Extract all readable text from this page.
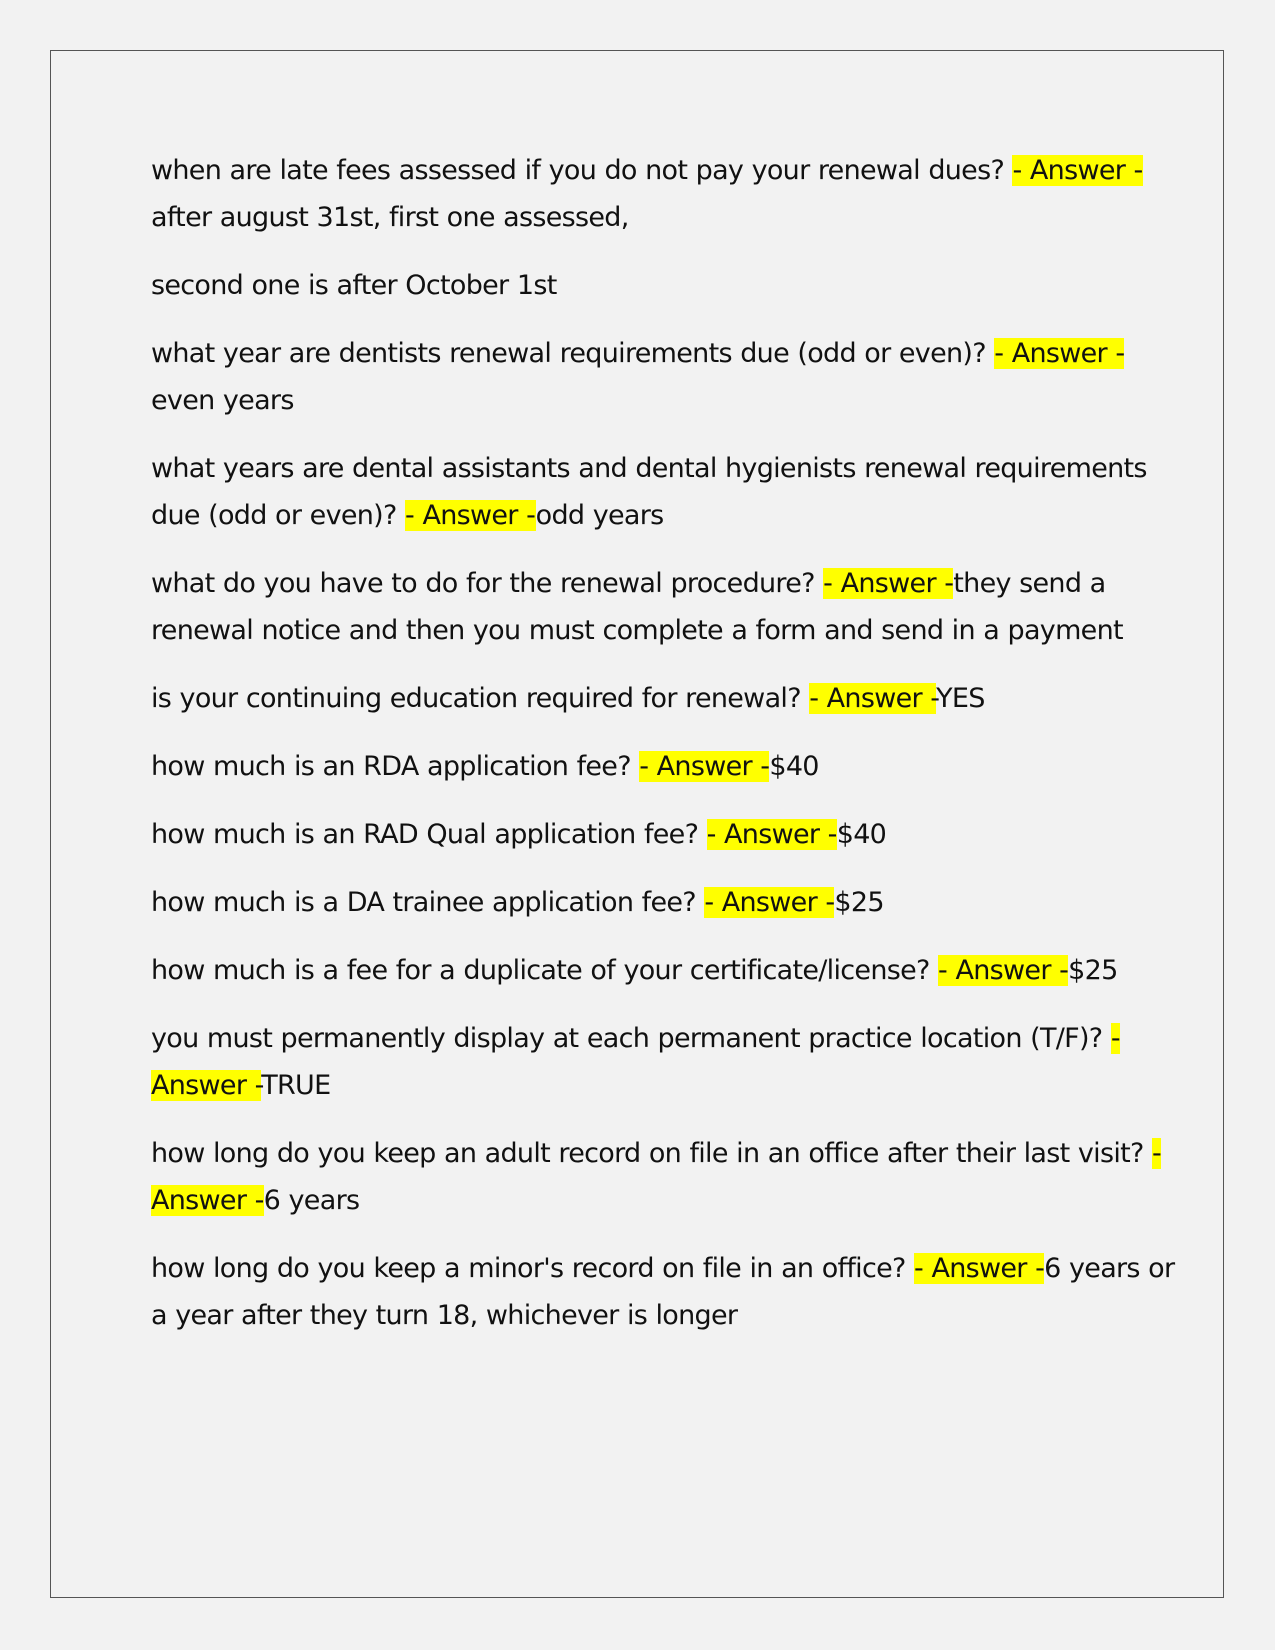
when are late fees assessed if you do not pay your renewal dues? - Answer -after august 31st, first one assessed,

second one is after October 1st

what year are dentists renewal requirements due (odd or even)? - Answer -even years

what years are dental assistants and dental hygienists renewal requirements due (odd or even)? - Answer -odd years

what do you have to do for the renewal procedure? - Answer -they send a renewal notice and then you must complete a form and send in a payment

is your continuing education required for renewal? - Answer -YES

how much is an RDA application fee? - Answer -$40

how much is an RAD Qual application fee? - Answer -$40

how much is a DA trainee application fee? - Answer -$25

how much is a fee for a duplicate of your certificate/license? - Answer -$25

you must permanently display at each permanent practice location (T/F)? - Answer -TRUE

how long do you keep an adult record on file in an office after their last visit? - Answer -6 years

how long do you keep a minor's record on file in an office? - Answer -6 years or a year after they turn 18, whichever is longer
